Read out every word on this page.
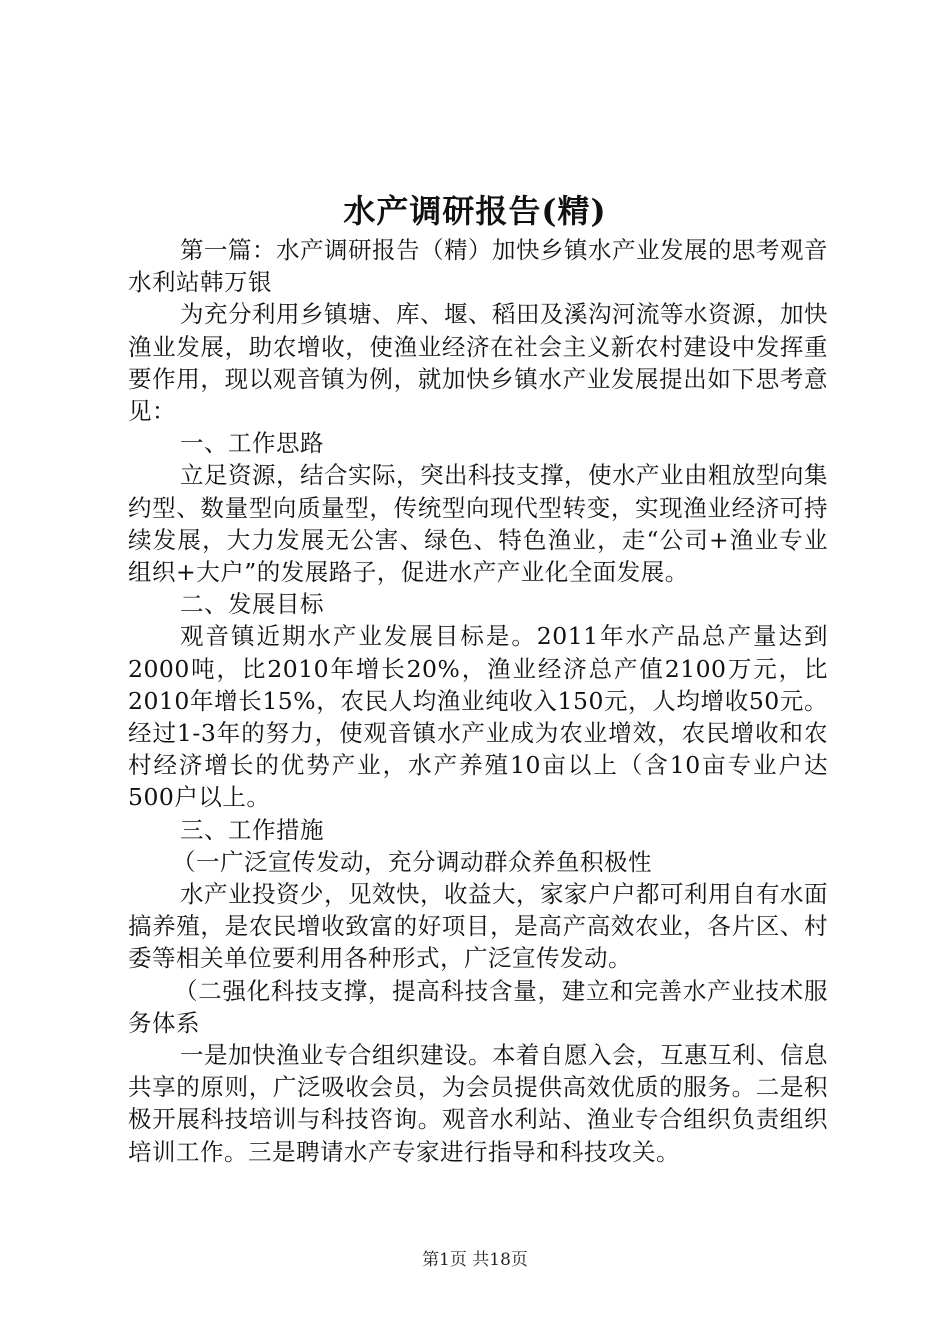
水产调研报告(精)

第一篇：水产调研报告（精）加快乡镇水产业发展的思考观音水利站韩万银

为充分利用乡镇塘、库、堰、稻田及溪沟河流等水资源，加快渔业发展，助农增收，使渔业经济在社会主义新农村建设中发挥重要作用，现以观音镇为例，就加快乡镇水产业发展提出如下思考意见：

一、工作思路

立足资源，结合实际，突出科技支撑，使水产业由粗放型向集约型、数量型向质量型，传统型向现代型转变，实现渔业经济可持续发展，大力发展无公害、绿色、特色渔业，走“公司+渔业专业组织+大户”的发展路子，促进水产产业化全面发展。

二、发展目标

观音镇近期水产业发展目标是。2011年水产品总产量达到2000吨，比2010年增长20%，渔业经济总产值2100万元，比2010年增长15%，农民人均渔业纯收入150元，人均增收50元。经过1-3年的努力，使观音镇水产业成为农业增效，农民增收和农村经济增长的优势产业，水产养殖10亩以上（含10亩专业户达500户以上。

三、工作措施

（一广泛宣传发动，充分调动群众养鱼积极性

水产业投资少，见效快，收益大，家家户户都可利用自有水面搞养殖，是农民增收致富的好项目，是高产高效农业，各片区、村委等相关单位要利用各种形式，广泛宣传发动。

（二强化科技支撑，提高科技含量，建立和完善水产业技术服务体系

一是加快渔业专合组织建设。本着自愿入会，互惠互利、信息共享的原则，广泛吸收会员，为会员提供高效优质的服务。二是积极开展科技培训与科技咨询。观音水利站、渔业专合组织负责组织培训工作。三是聘请水产专家进行指导和科技攻关。

第1页 共18页
